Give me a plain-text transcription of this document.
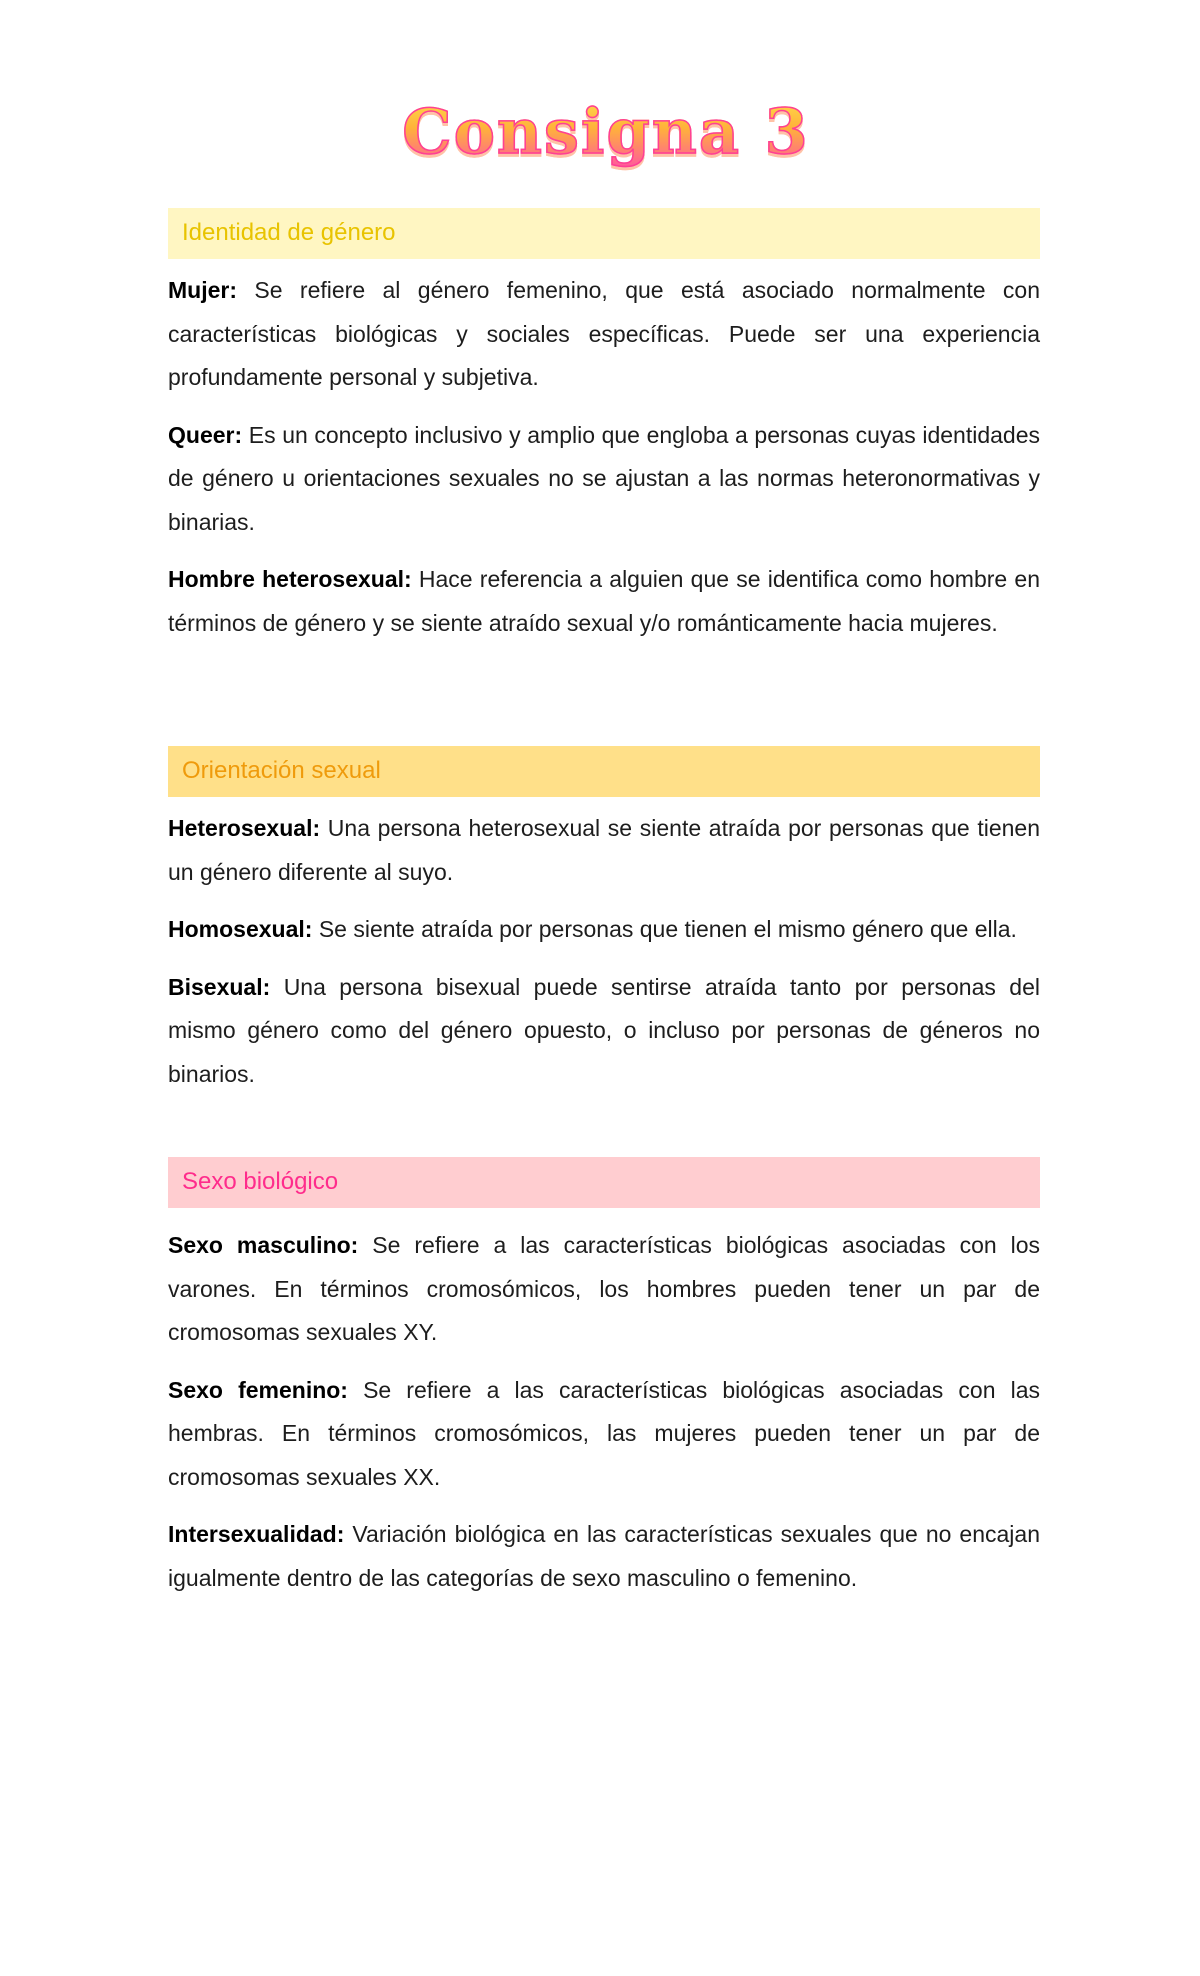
Consigna 3
Identidad de género

Mujer: Se refiere al género femenino, que está asociado normalmente con características biológicas y sociales específicas. Puede ser una experiencia profundamente personal y subjetiva.

Queer: Es un concepto inclusivo y amplio que engloba a personas cuyas identidades de género u orientaciones sexuales no se ajustan a las normas heteronormativas y binarias.

Hombre heterosexual: Hace referencia a alguien que se identifica como hombre en términos de género y se siente atraído sexual y/o románticamente hacia mujeres.

Orientación sexual

Heterosexual: Una persona heterosexual se siente atraída por personas que tienen un género diferente al suyo.

Homosexual: Se siente atraída por personas que tienen el mismo género que ella.

Bisexual: Una persona bisexual puede sentirse atraída tanto por personas del mismo género como del género opuesto, o incluso por personas de géneros no binarios.

Sexo biológico

Sexo masculino: Se refiere a las características biológicas asociadas con los varones. En términos cromosómicos, los hombres pueden tener un par de cromosomas sexuales XY.

Sexo femenino: Se refiere a las características biológicas asociadas con las hembras. En términos cromosómicos, las mujeres pueden tener un par de cromosomas sexuales XX.

Intersexualidad: Variación biológica en las características sexuales que no encajan igualmente dentro de las categorías de sexo masculino o femenino.
